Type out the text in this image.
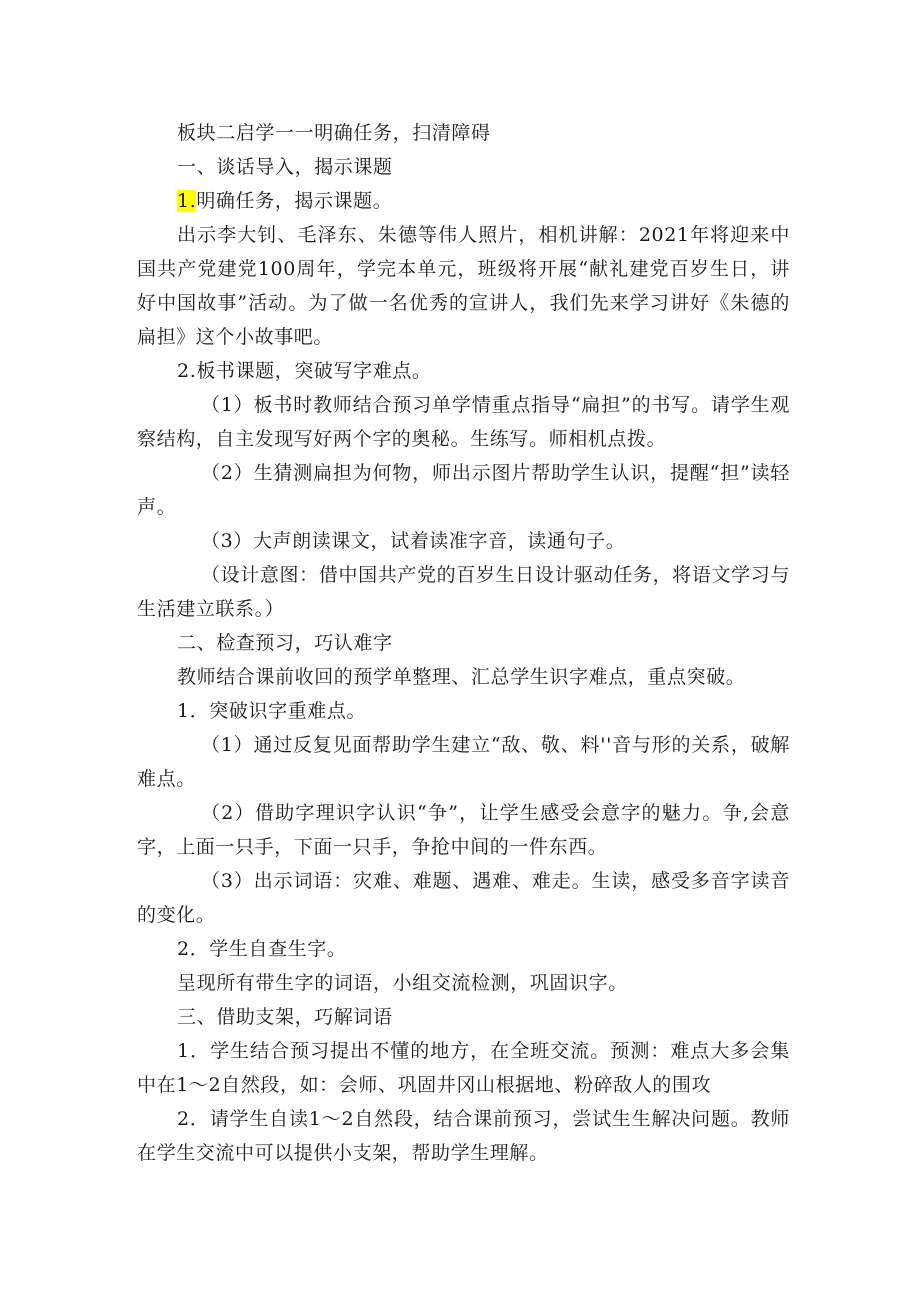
板块二启学一一明确任务，扫清障碍

一、谈话导入，揭示课题

1.明确任务，揭示课题。

出示李大钊、毛泽东、朱德等伟人照片，相机讲解：2021年将迎来中国共产党建党100周年，学完本单元，班级将开展“献礼建党百岁生日，讲好中国故事”活动。为了做一名优秀的宣讲人，我们先来学习讲好《朱德的扁担》这个小故事吧。

2.板书课题，突破写字难点。

（1）板书时教师结合预习单学情重点指导“扁担”的书写。请学生观察结构，自主发现写好两个字的奥秘。生练写。师相机点拨。

（2）生猜测扁担为何物，师出示图片帮助学生认识，提醒“担”读轻声。

（3）大声朗读课文，试着读准字音，读通句子。

（设计意图：借中国共产党的百岁生日设计驱动任务，将语文学习与生活建立联系。）

二、检查预习，巧认难字

教师结合课前收回的预学单整理、汇总学生识字难点，重点突破。

1．突破识字重难点。

（1）通过反复见面帮助学生建立“敌、敬、料''音与形的关系，破解难点。

（2）借助字理识字认识“争”，让学生感受会意字的魅力。争,会意字，上面一只手，下面一只手，争抢中间的一件东西。

（3）出示词语：灾难、难题、遇难、难走。生读，感受多音字读音的变化。

2．学生自查生字。

呈现所有带生字的词语，小组交流检测，巩固识字。

三、借助支架，巧解词语

1．学生结合预习提出不懂的地方，在全班交流。预测：难点大多会集中在1～2自然段，如：会师、巩固井冈山根据地、粉碎敌人的围攻

2．请学生自读1～2自然段，结合课前预习，尝试生生解决问题。教师在学生交流中可以提供小支架，帮助学生理解。
